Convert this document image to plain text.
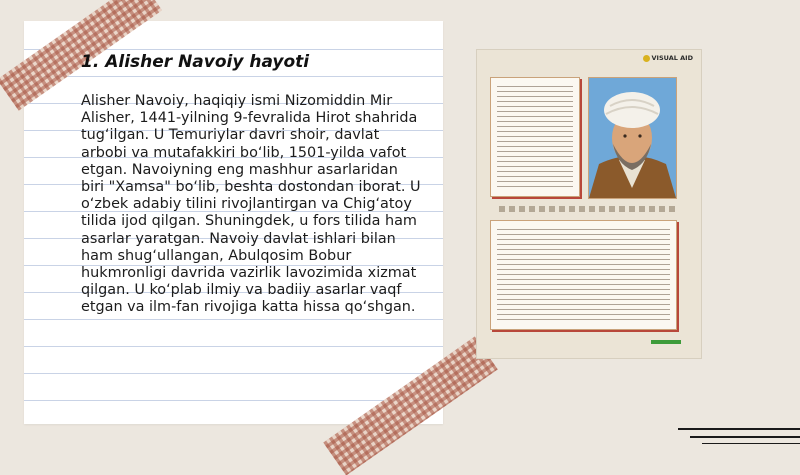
1. Alisher Navoiy hayoti

Alisher Navoiy, haqiqiy ismi Nizomiddin Mir Alisher, 1441-yilning 9-fevralida Hirot shahrida tug‘ilgan. U Temuriylar davri shoir, davlat arbobi va mutafakkiri bo‘lib, 1501-yilda vafot etgan. Navoiyning eng mashhur asarlaridan biri "Xamsa" bo‘lib, beshta dostondan iborat. U o‘zbek adabiy tilini rivojlantirgan va Chig‘atoy tilida ijod qilgan. Shuningdek, u fors tilida ham asarlar yaratgan. Navoiy davlat ishlari bilan ham shug‘ullangan, Abulqosim Bobur hukmronligi davrida vazirlik lavozimida xizmat qilgan. U ko‘plab ilmiy va badiiy asarlar vaqf etgan va ilm-fan rivojiga katta hissa qo‘shgan.

VISUAL AID
